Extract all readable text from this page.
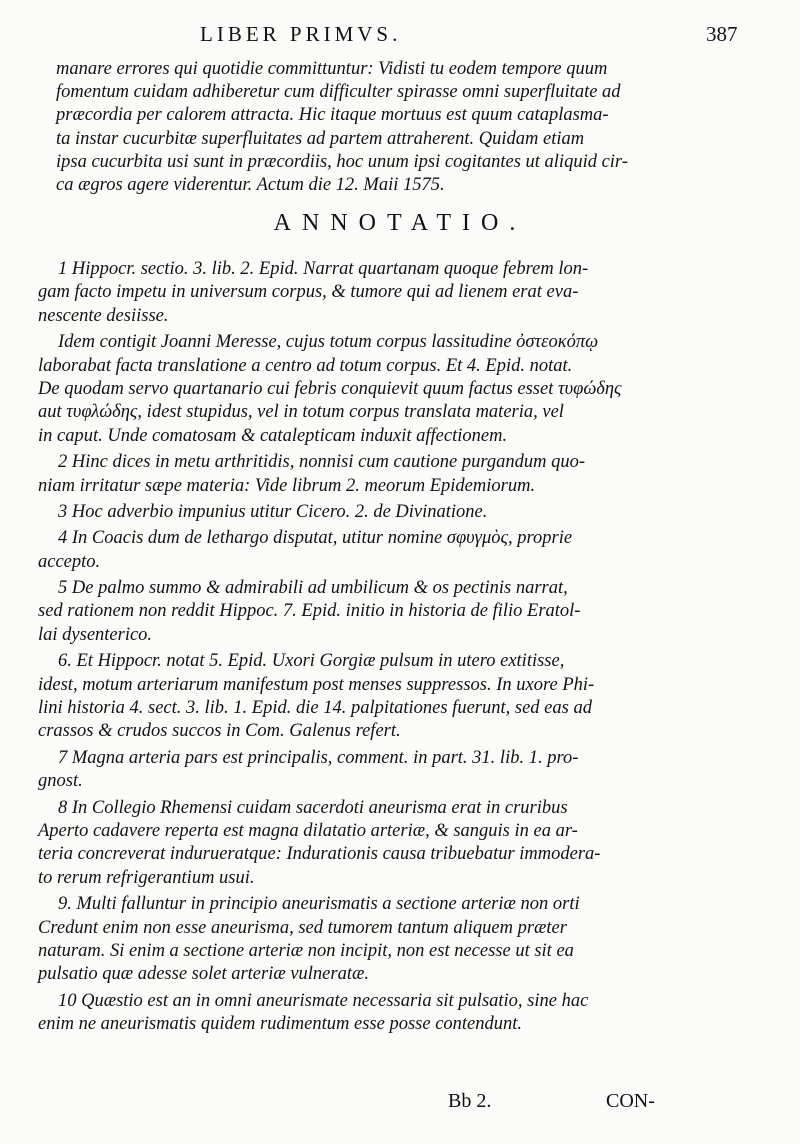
LIBER PRIMVS.	387
manare errores qui quotidie committuntur: Vidisti tu eodem tempore quum
fomentum cuidam adhiberetur cum difficulter spirasse omni superfluitate ad
præcordia per calorem attracta. Hic itaque mortuus est quum cataplasma-
ta instar cucurbitæ superfluitates ad partem attraherent. Quidam etiam
ipsa cucurbita usi sunt in præcordiis, hoc unum ipsi cogitantes ut aliquid cir-
ca ægros agere viderentur. Actum die 12. Maii 1575.
ANNOTATIO.
1 Hippocr. sectio. 3. lib. 2. Epid. Narrat quartanam quoque febrem lon-
gam facto impetu in universum corpus, & tumore qui ad lienem erat eva-
nescente desiisse.
Idem contigit Joanni Meresse, cujus totum corpus lassitudine ὀστεοκόπῳ
laborabat facta translatione a centro ad totum corpus. Et 4. Epid. notat.
De quodam servo quartanario cui febris conquievit quum factus esset τυφώδης
aut τυφλώδης, idest stupidus, vel in totum corpus translata materia, vel
in caput. Unde comatosam & catalepticam induxit affectionem.
2 Hinc dices in metu arthritidis, nonnisi cum cautione purgandum quo-
niam irritatur sæpe materia: Vide librum 2. meorum Epidemiorum.
3 Hoc adverbio impunius utitur Cicero. 2. de Divinatione.
4 In Coacis dum de lethargo disputat, utitur nomine σφυγμὸς, proprie
accepto.
5 De palmo summo & admirabili ad umbilicum & os pectinis narrat,
sed rationem non reddit Hippoc. 7. Epid. initio in historia de filio Eratol-
lai dysenterico.
6. Et Hippocr. notat 5. Epid. Uxori Gorgiæ pulsum in utero extitisse,
idest, motum arteriarum manifestum post menses suppressos. In uxore Phi-
lini historia 4. sect. 3. lib. 1. Epid. die 14. palpitationes fuerunt, sed eas ad
crassos & crudos succos in Com. Galenus refert.
7 Magna arteria pars est principalis, comment. in part. 31. lib. 1. pro-
gnost.
8 In Collegio Rhemensi cuidam sacerdoti aneurisma erat in cruribus
Aperto cadavere reperta est magna dilatatio arteriæ, & sanguis in ea ar-
teria concreverat indurueratque: Indurationis causa tribuebatur immodera-
to rerum refrigerantium usui.
9. Multi falluntur in principio aneurismatis a sectione arteriæ non orti
Credunt enim non esse aneurisma, sed tumorem tantum aliquem præter
naturam. Si enim a sectione arteriæ non incipit, non est necesse ut sit ea
pulsatio quæ adesse solet arteriæ vulneratæ.
10 Quæstio est an in omni aneurismate necessaria sit pulsatio, sine hac
enim ne aneurismatis quidem rudimentum esse posse contendunt.
Bb 2.	CON-
